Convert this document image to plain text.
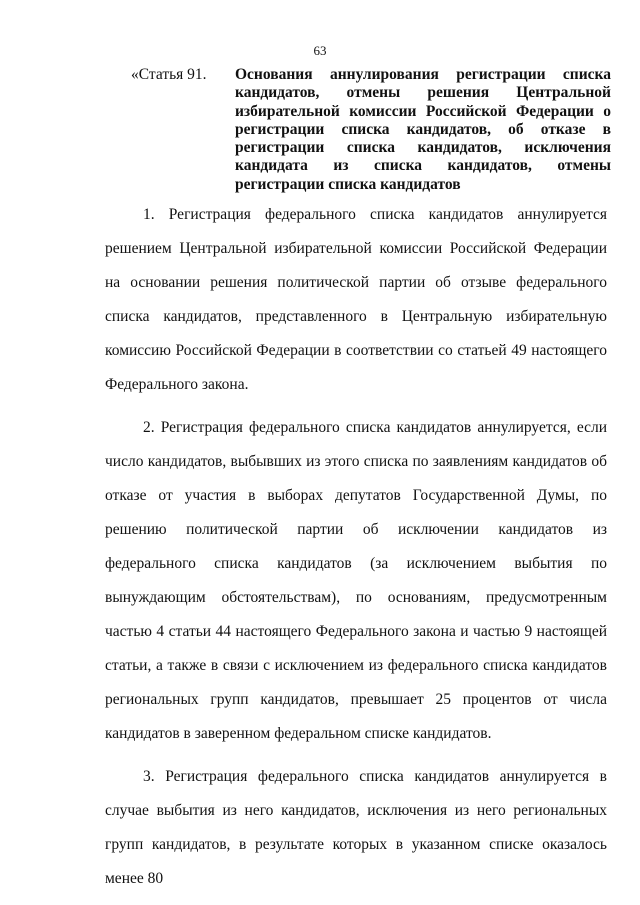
63
«Статья 91.	Основания аннулирования регистрации списка кандидатов, отмены решения Центральной избирательной комиссии Российской Федерации о регистрации списка кандидатов, об отказе в регистрации списка кандидатов, исключения кандидата из списка кандидатов, отмены регистрации списка кандидатов

1. Регистрация федерального списка кандидатов аннулируется решением Центральной избирательной комиссии Российской Федерации на основании решения политической партии об отзыве федерального списка кандидатов, представленного в Центральную избирательную комиссию Российской Федерации в соответствии со статьей 49 настоящего Федерального закона.

2. Регистрация федерального списка кандидатов аннулируется, если число кандидатов, выбывших из этого списка по заявлениям кандидатов об отказе от участия в выборах депутатов Государственной Думы, по решению политической партии об исключении кандидатов из федерального списка кандидатов (за исключением выбытия по вынуждающим обстоятельствам), по основаниям, предусмотренным частью 4 статьи 44 настоящего Федерального закона и частью 9 настоящей статьи, а также в связи с исключением из федерального списка кандидатов региональных групп кандидатов, превышает 25 процентов от числа кандидатов в заверенном федеральном списке кандидатов.

3. Регистрация федерального списка кандидатов аннулируется в случае выбытия из него кандидатов, исключения из него региональных групп кандидатов, в результате которых в указанном списке оказалось менее 80
